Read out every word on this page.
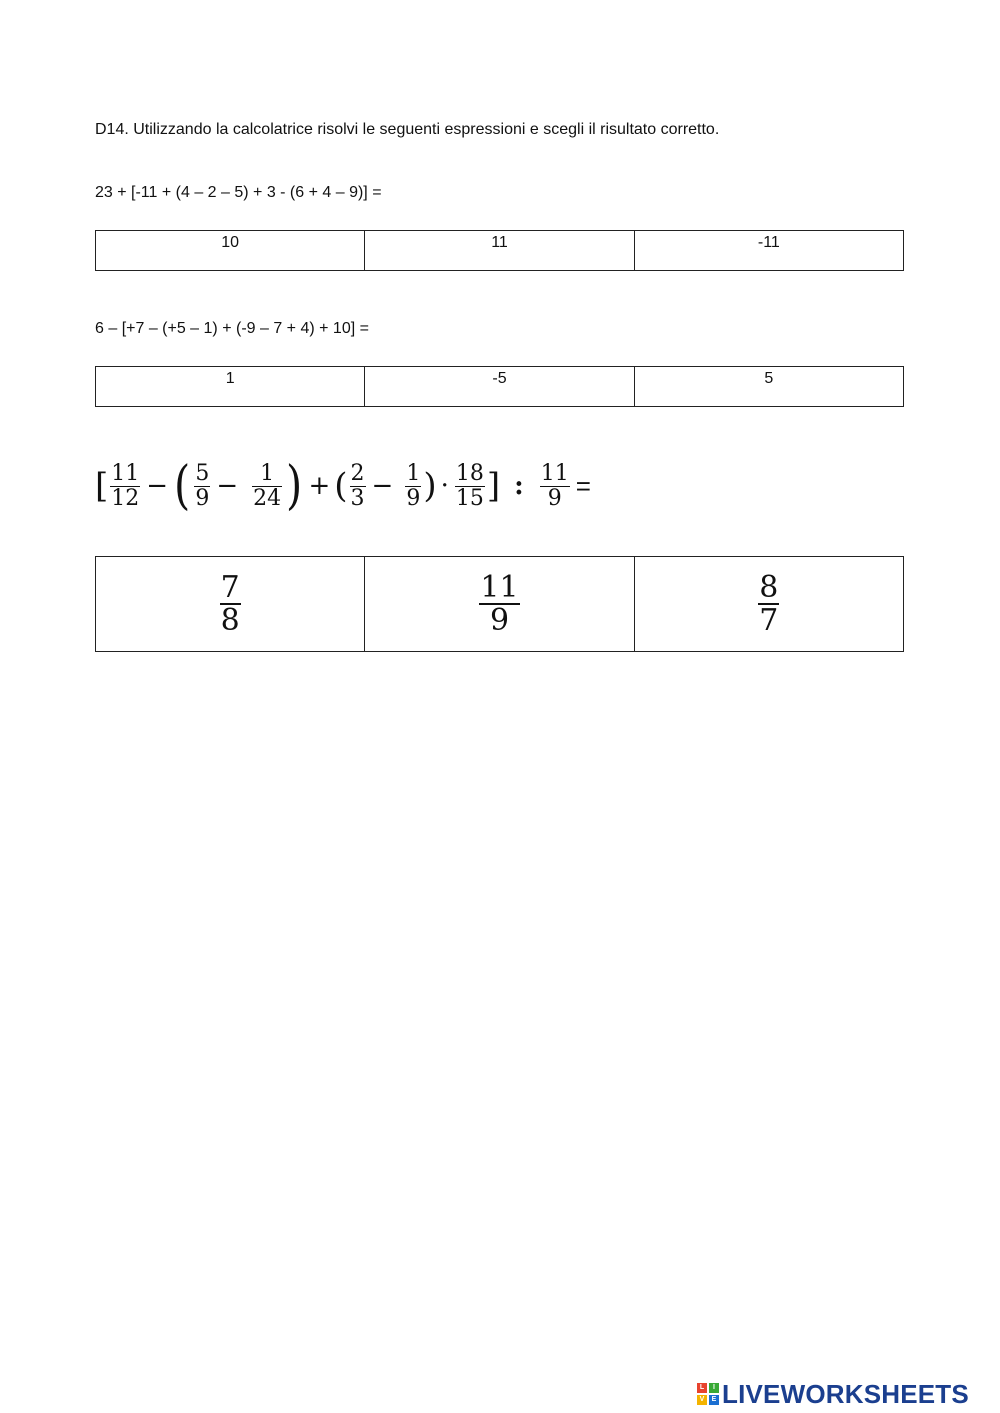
D14. Utilizzando la calcolatrice risolvi le seguenti espressioni e scegli il risultato corretto.
23 + [-11 + (4 – 2 – 5) + 3 - (6 + 4 – 9)] =
10	11	-11
6 – [+7 – (+5 – 1) + (-9 – 7 + 4) + 10] =
1	-5	5
[ $\frac{11}{12}$ − ( $\frac{5}{9} - \frac{1}{24}$ ) + ( $\frac{2}{3} - \frac{1}{9}$ ) · $\frac{18}{15}$ ] : $\frac{11}{9}$ =
$\frac{7}{8}$	$\frac{11}{9}$	$\frac{8}{7}$
L	I
V	E LIVEWORKSHEETS
